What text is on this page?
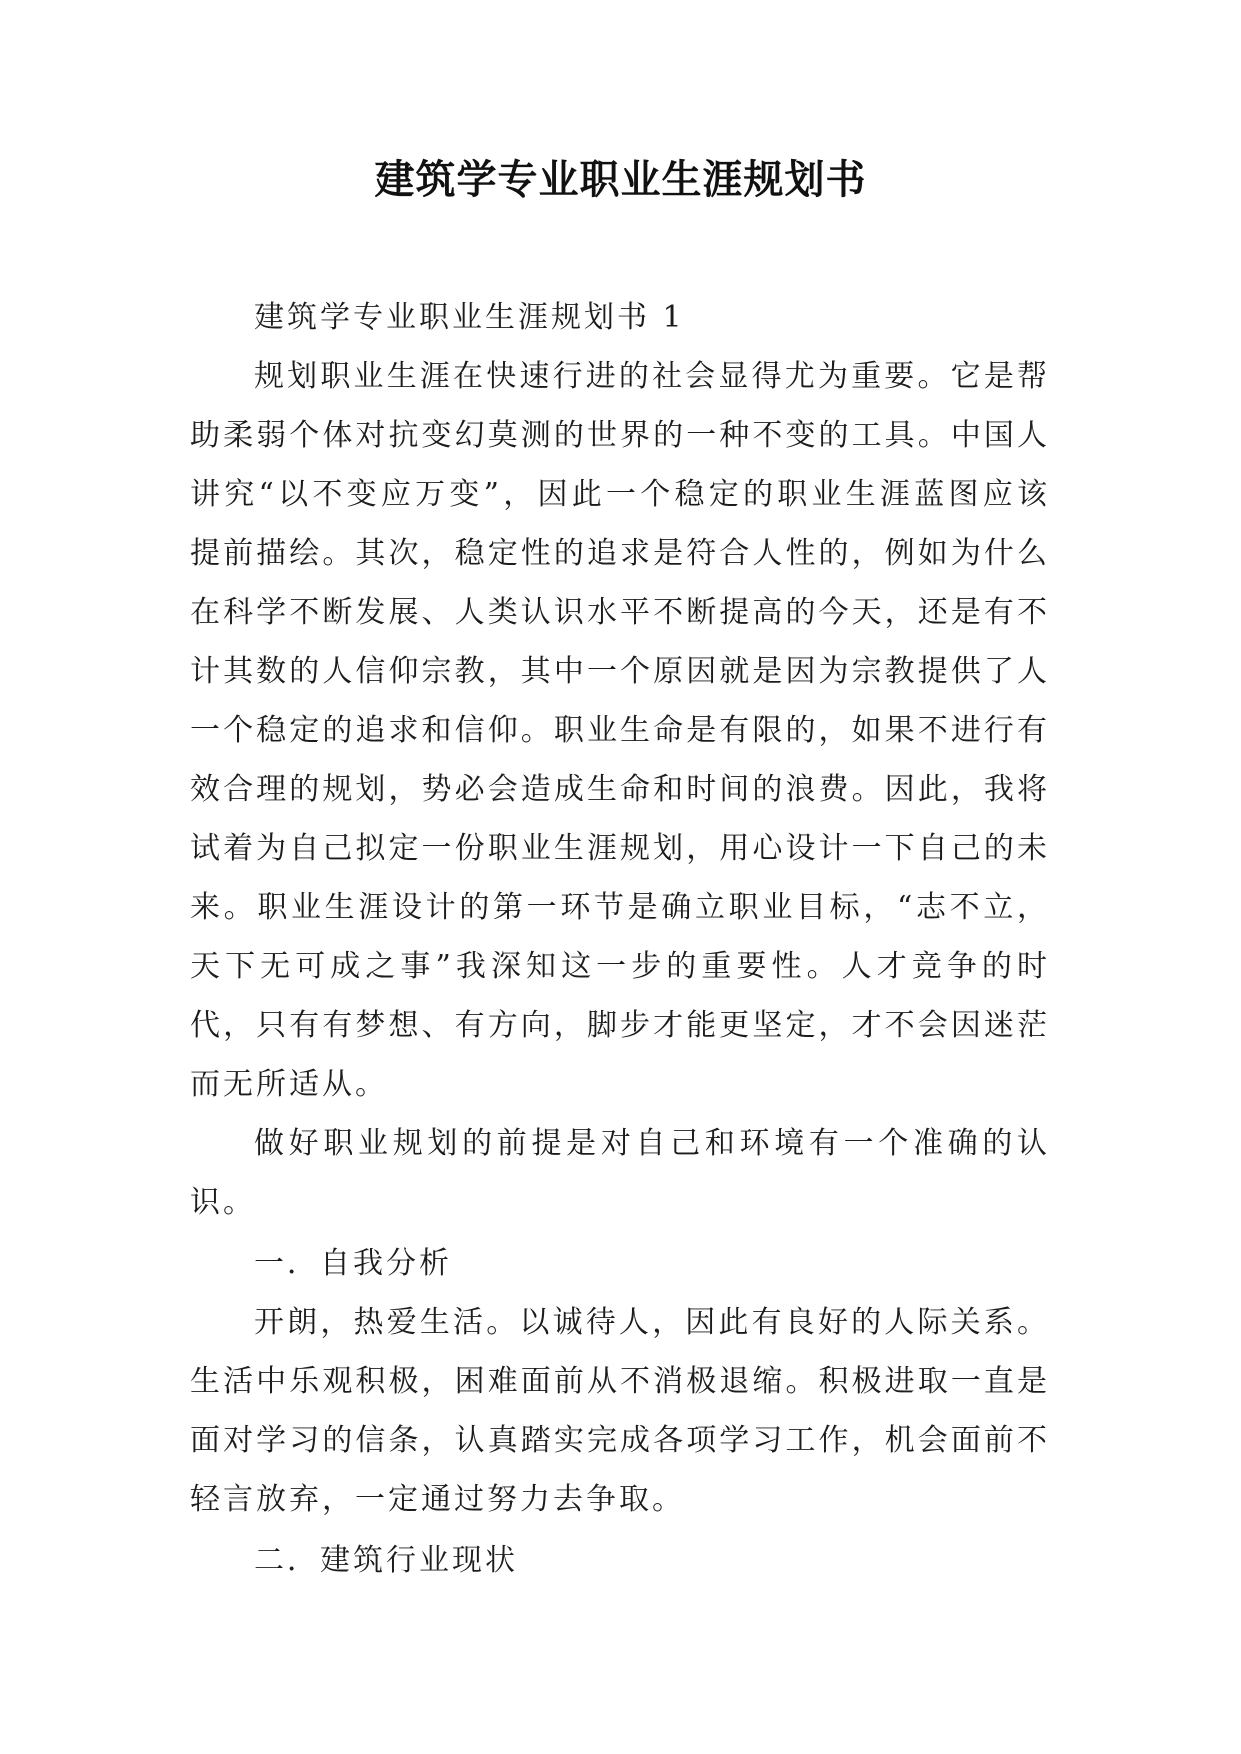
建筑学专业职业生涯规划书

建筑学专业职业生涯规划书 1

规划职业生涯在快速行进的社会显得尤为重要。它是帮助柔弱个体对抗变幻莫测的世界的一种不变的工具。中国人讲究“以不变应万变”，因此一个稳定的职业生涯蓝图应该提前描绘。其次，稳定性的追求是符合人性的，例如为什么在科学不断发展、人类认识水平不断提高的今天，还是有不计其数的人信仰宗教，其中一个原因就是因为宗教提供了人一个稳定的追求和信仰。职业生命是有限的，如果不进行有效合理的规划，势必会造成生命和时间的浪费。因此，我将试着为自己拟定一份职业生涯规划，用心设计一下自己的未来。职业生涯设计的第一环节是确立职业目标，“志不立，天下无可成之事”我深知这一步的重要性。人才竞争的时代，只有有梦想、有方向，脚步才能更坚定，才不会因迷茫而无所适从。

做好职业规划的前提是对自己和环境有一个准确的认识。

一．自我分析

开朗，热爱生活。以诚待人，因此有良好的人际关系。生活中乐观积极，困难面前从不消极退缩。积极进取一直是面对学习的信条，认真踏实完成各项学习工作，机会面前不轻言放弃，一定通过努力去争取。

二．建筑行业现状
